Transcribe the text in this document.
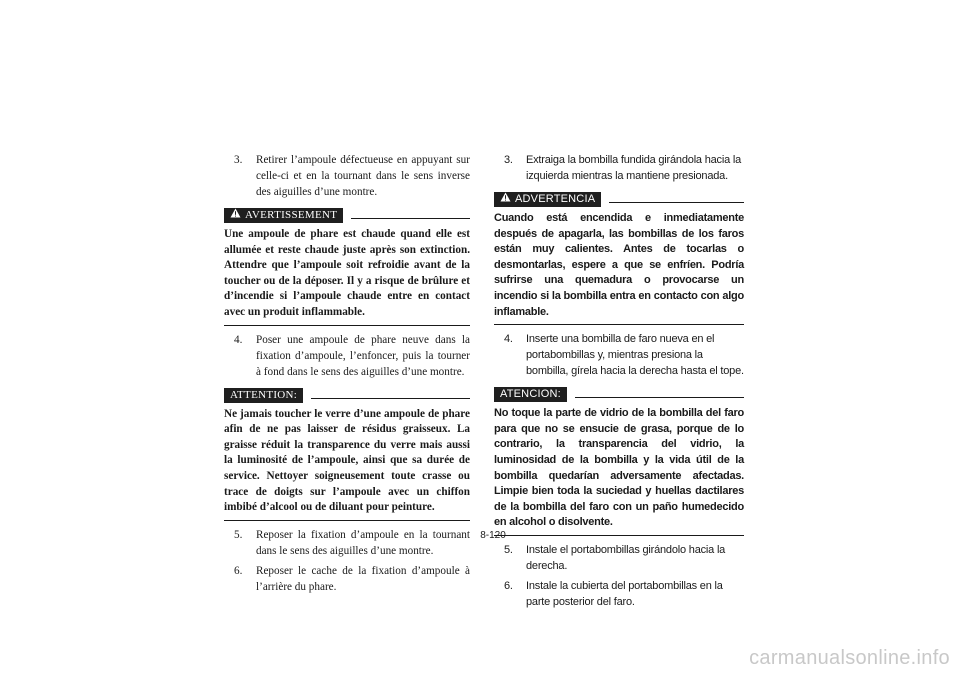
3. Retirer l’ampoule défectueuse en appuyant sur celle-ci et en la tournant dans le sens inverse des aiguilles d’une montre.
AVERTISSEMENT
Une ampoule de phare est chaude quand elle est allumée et reste chaude juste après son extinction. Attendre que l’ampoule soit refroidie avant de la toucher ou de la déposer. Il y a risque de brûlure et d’incendie si l’ampoule chaude entre en contact avec un produit inflammable.
4. Poser une ampoule de phare neuve dans la fixation d’ampoule, l’enfoncer, puis la tourner à fond dans le sens des aiguilles d’une montre.
ATTENTION:
Ne jamais toucher le verre d’une ampoule de phare afin de ne pas laisser de résidus graisseux. La graisse réduit la transparence du verre mais aussi la luminosité de l’ampoule, ainsi que sa durée de service. Nettoyer soigneusement toute crasse ou trace de doigts sur l’ampoule avec un chiffon imbibé d’alcool ou de diluant pour peinture.
5. Reposer la fixation d’ampoule en la tournant dans le sens des aiguilles d’une montre.
6. Reposer le cache de la fixation d’ampoule à l’arrière du phare.
3. Extraiga la bombilla fundida girándola hacia la izquierda mientras la mantiene presionada.
ADVERTENCIA
Cuando está encendida e inmediatamente después de apagarla, las bombillas de los faros están muy calientes. Antes de tocarlas o desmontarlas, espere a que se enfríen. Podría sufrirse una quemadura o provocarse un incendio si la bombilla entra en contacto con algo inflamable.
4. Inserte una bombilla de faro nueva en el portabombillas y, mientras presiona la bombilla, gírela hacia la derecha hasta el tope.
ATENCION:
No toque la parte de vidrio de la bombilla del faro para que no se ensucie de grasa, porque de lo contrario, la transparencia del vidrio, la luminosidad de la bombilla y la vida útil de la bombilla quedarían adversamente afectadas. Limpie bien toda la suciedad y huellas dactilares de la bombilla del faro con un paño humedecido en alcohol o disolvente.
5. Instale el portabombillas girándolo hacia la derecha.
6. Instale la cubierta del portabombillas en la parte posterior del faro.
8-120
carmanualsonline.info
